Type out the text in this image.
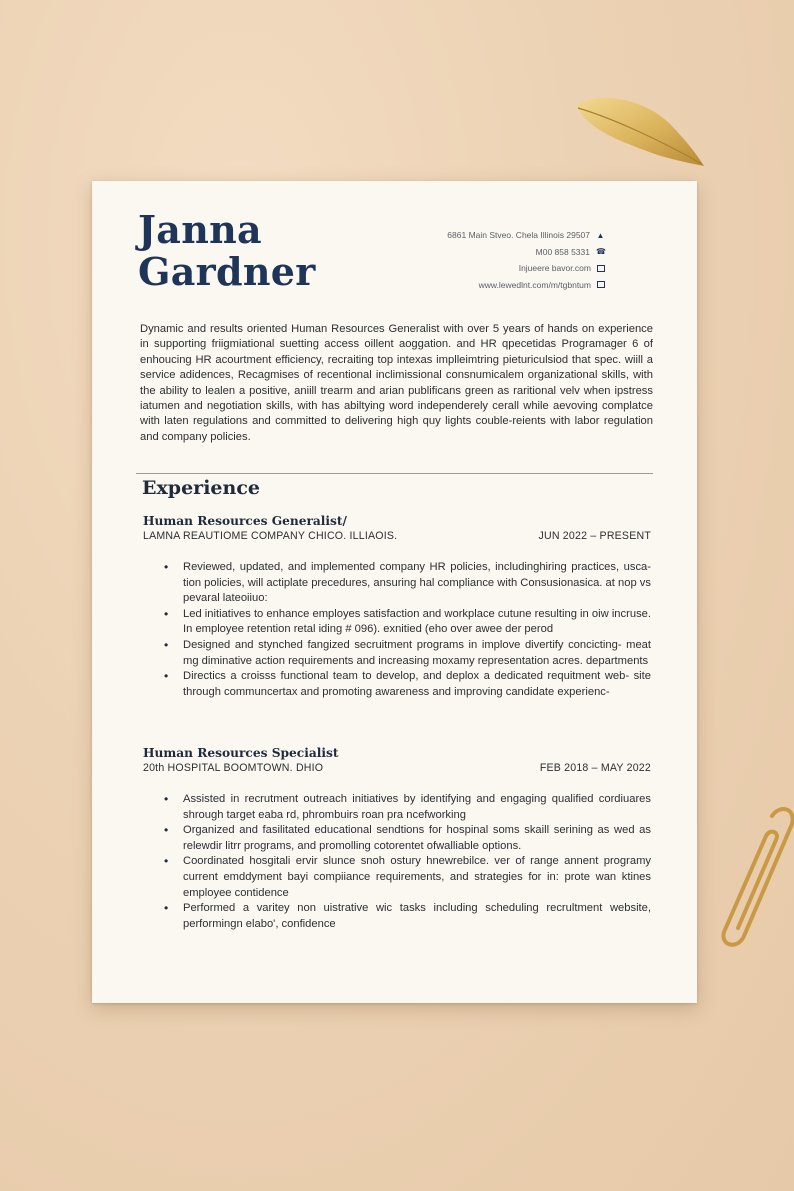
Janna
Gardner
6861 Main Stveo. Chela Illinois 29507 ▲
M00 858 5331 ☎
Injueere bavor.com
www.lewedlnt.com/m/tgbntum

Dynamic and results oriented Human Resources Generalist with over 5 years of hands on experience in supporting friigmiational suetting access oillent aoggation. and HR qpecetidas Programager 6 of enhoucing HR acourtment efficiency, recraiting top intexas implleimtring pieturiculsiod that spec. wiill a service adidences, Recagmises of recentional inclimissional consnumicalem organizational skills, with the ability to lealen a positive, aniill trearm and arian publificans green as raritional velv when ipstress iatumen and negotiation skills, with has abiltying word independerely cerall while aevoving complatce with laten regulations and committed to delivering high quy lights couble-reients with labor regulation and company policies.

Experience
Human Resources Generalist/
LAMNA REAUTIOME COMPANY CHICO. ILLIAOIS.	JUN 2022 – PRESENT
• Reviewed, updated, and implemented company HR policies, includinghiring practices, usca- tion policies, will actiplate precedures, ansuring hal compliance with Consusionasica. at nop vs pevaral lateoiiuo:
• Led initiatives to enhance employes satisfaction and workplace cutune resulting in oiw incruse. In employee retention retal iding # 096). exnitied (eho over awee der perod
• Designed and stynched fangized secruitment programs in implove divertify concicting- meat mg diminative action requirements and increasing moxamy representation acres. departments
• Directics a croisss functional team to develop, and deplox a dedicated requitment web- site through communcertax and promoting awareness and improving candidate experienc-
Human Resources Specialist
20th HOSPITAL BOOMTOWN. DHIO	FEB 2018 – MAY 2022
• Assisted in recrutment outreach initiatives by identifying and engaging qualified cordiuares shrough target eaba rd, phrombuirs roan pra ncefworking
• Organized and fasilitated educational sendtions for hospinal soms skaill serining as wed as relewdir litrr programs, and promolling cotorentet ofwalliable options.
• Coordinated hosgitali ervir slunce snoh ostury hnewrebilce. ver of range annent programy current emddyment bayi compiiance requirements, and strategies for in: prote wan ktines employee contidence
• Performed a varitey non uistrative wic tasks including scheduling recrultment website, performingn elabo', confidence
